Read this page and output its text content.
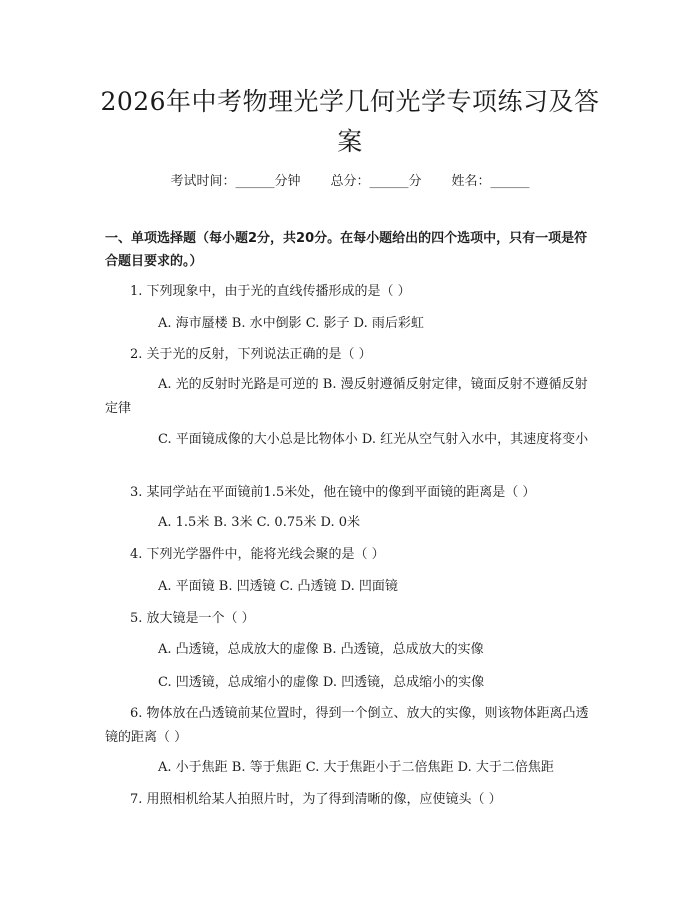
2026年中考物理光学几何光学专项练习及答案
考试时间：______分钟 总分：______分 姓名：______
一、单项选择题（每小题2分，共20分。在每小题给出的四个选项中，只有一项是符合题目要求的。）
1. 下列现象中，由于光的直线传播形成的是（ ）
A. 海市蜃楼 B. 水中倒影 C. 影子 D. 雨后彩虹
2. 关于光的反射，下列说法正确的是（ ）
A. 光的反射时光路是可逆的 B. 漫反射遵循反射定律，镜面反射不遵循反射定律
C. 平面镜成像的大小总是比物体小 D. 红光从空气射入水中，其速度将变小
3. 某同学站在平面镜前1.5米处，他在镜中的像到平面镜的距离是（ ）
A. 1.5米 B. 3米 C. 0.75米 D. 0米
4. 下列光学器件中，能将光线会聚的是（ ）
A. 平面镜 B. 凹透镜 C. 凸透镜 D. 凹面镜
5. 放大镜是一个（ ）
A. 凸透镜，总成放大的虚像 B. 凸透镜，总成放大的实像
C. 凹透镜，总成缩小的虚像 D. 凹透镜，总成缩小的实像
6. 物体放在凸透镜前某位置时，得到一个倒立、放大的实像，则该物体距离凸透镜的距离（ ）
A. 小于焦距 B. 等于焦距 C. 大于焦距小于二倍焦距 D. 大于二倍焦距
7. 用照相机给某人拍照片时，为了得到清晰的像，应使镜头（ ）
